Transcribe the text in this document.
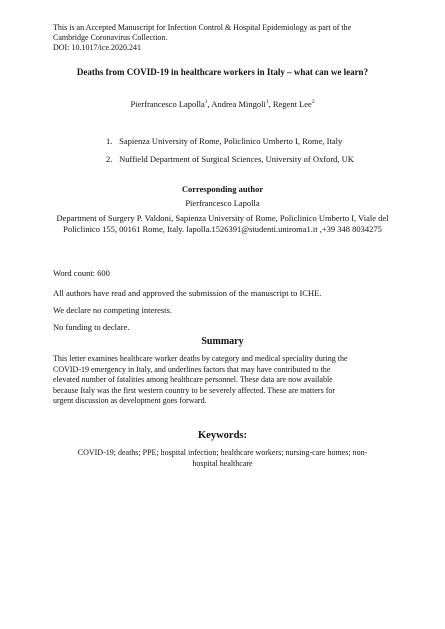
This is an Accepted Manuscript for Infection Control & Hospital Epidemiology as part of the
Cambridge Coronavirus Collection.
DOI: 10.1017/ice.2020.241
Deaths from COVID-19 in healthcare workers in Italy – what can we learn?
Pierfrancesco Lapolla$^1$, Andrea Mingoli$^1$, Regent Lee$^2$
1. Sapienza University of Rome, Policlinico Umberto I, Rome, Italy
2. Nuffield Department of Surgical Sciences, University of Oxford, UK
Corresponding author
Pierfrancesco Lapolla
Department of Surgery P. Valdoni, Sapienza University of Rome, Policlinico Umberto I, Viale del Policlinico 155, 00161 Rome, Italy. lapolla.1526391@studenti.uniroma1.it ,+39 348 8034275
Word count: 600
All authors have read and approved the submission of the manuscript to ICHE.
We declare no competing interests.
No funding to declare.
Summary
This letter examines healthcare worker deaths by category and medical speciality during the
COVID-19 emergency in Italy, and underlines factors that may have contributed to the
elevated number of fatalities among healthcare personnel. These data are now available
because Italy was the first western country to be severely affected. These are matters for
urgent discussion as development goes forward.
Keywords:
COVID-19; deaths; PPE; hospital infection; healthcare workers; nursing-care homes; non-
hospital healthcare
